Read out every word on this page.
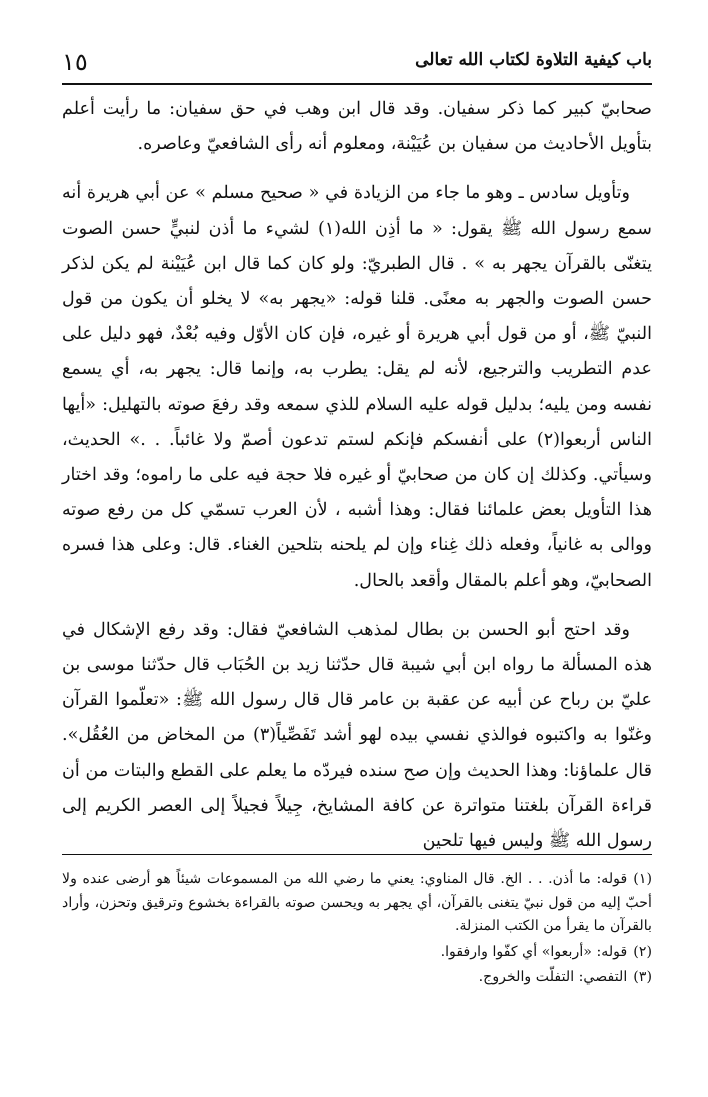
١٥	باب كيفية التلاوة لكتاب الله تعالى

صحابيّ كبير كما ذكر سفيان. وقد قال ابن وهب في حق سفيان: ما رأيت أعلم بتأويل الأحاديث من سفيان بن عُيَيْنة، ومعلوم أنه رأى الشافعيّ وعاصره.

وتأويل سادس ـ وهو ما جاء من الزيادة في « صحيح مسلم » عن أبي هريرة أنه سمع رسول الله ﷺ يقول: « ما أذِن الله(١) لشيء ما أذن لنبيٍّ حسن الصوت يتغنّى بالقرآن يجهر به » . قال الطبريّ: ولو كان كما قال ابن عُيَيْنة لم يكن لذكر حسن الصوت والجهر به معنًى. قلنا قوله: «يجهر به» لا يخلو أن يكون من قول النبيّ ﷺ، أو من قول أبي هريرة أو غيره، فإن كان الأوّل وفيه بُعْدٌ، فهو دليل على عدم التطريب والترجيع، لأنه لم يقل: يطرب به، وإنما قال: يجهر به، أي يسمع نفسه ومن يليه؛ بدليل قوله عليه السلام للذي سمعه وقد رفعَ صوته بالتهليل: «أيها الناس أربعوا(٢) على أنفسكم فإنكم لستم تدعون أصمّ ولا غائباً. . .» الحديث، وسيأتي. وكذلك إن كان من صحابيّ أو غيره فلا حجة فيه على ما راموه؛ وقد اختار هذا التأويل بعض علمائنا فقال: وهذا أشبه ، لأن العرب تسمّي كل من رفع صوته ووالى به غانياً، وفعله ذلك غِناء وإن لم يلحنه بتلحين الغناء. قال: وعلى هذا فسره الصحابيّ، وهو أعلم بالمقال وأقعد بالحال.

وقد احتج أبو الحسن بن بطال لمذهب الشافعيّ فقال: وقد رفع الإشكال في هذه المسألة ما رواه ابن أبي شيبة قال حدّثنا زيد بن الحُبَاب قال حدّثنا موسى بن عليّ بن رباح عن أبيه عن عقبة بن عامر قال قال رسول الله ﷺ: «تعلّموا القرآن وغنّوا به واكتبوه فوالذي نفسي بيده لهو أشد تَفَصِّياً(٣) من المخاض من العُقُل». قال علماؤنا: وهذا الحديث وإن صح سنده فيردّه ما يعلم على القطع والبتات من أن قراءة القرآن بلغتنا متواترة عن كافة المشايخ، جِيلاً فجيلاً إلى العصر الكريم إلى رسول الله ﷺ وليس فيها تلحين

(١)قوله: ما أذن. . . الخ. قال المناوي: يعني ما رضي الله من المسموعات شيئاً هو أرضى عنده ولا أحبّ إليه من قول نبيّ يتغنى بالقرآن، أي يجهر به ويحسن صوته بالقراءة بخشوع وترقيق وتحزن، وأراد بالقرآن ما يقرأ من الكتب المنزلة.

(٢)قوله: «أربعوا» أي كفّوا وارفقوا.

(٣)التفصي: التفلّت والخروج.
